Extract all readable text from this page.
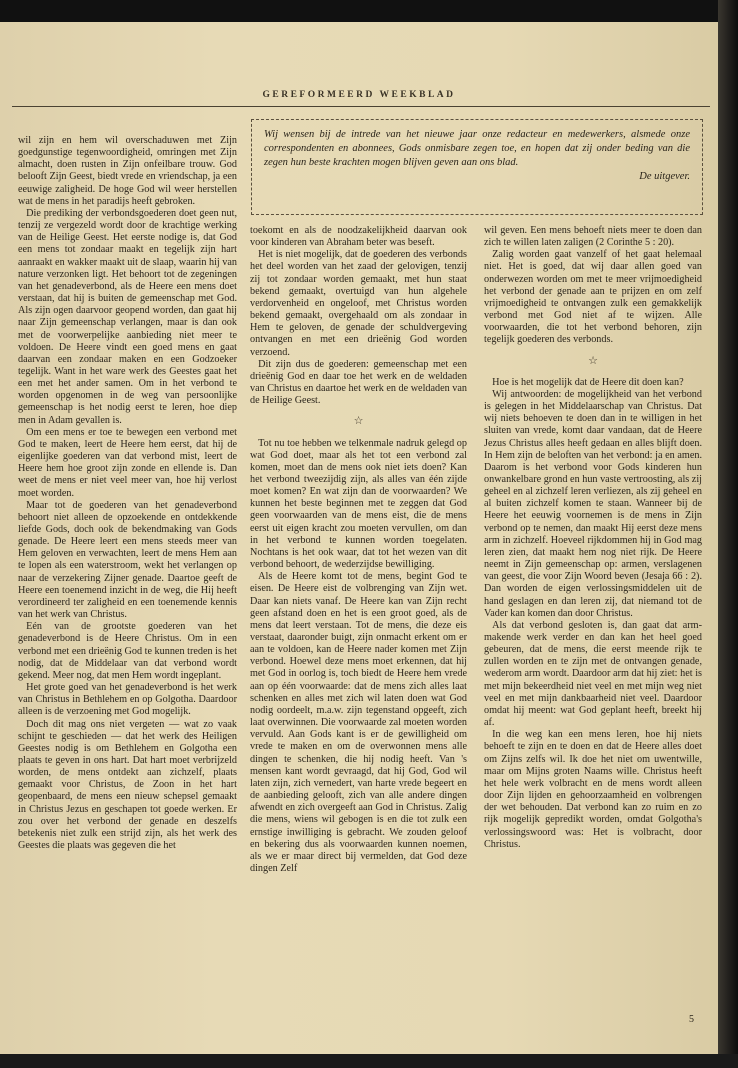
GEREFORMEERD WEEKBLAD
Wij wensen bij de intrede van het nieuwe jaar onze redacteur en medewerkers, alsmede onze correspondenten en abonnees, Gods onmisbare zegen toe, en hopen dat zij onder beding van die zegen hun beste krachten mogen blijven geven aan ons blad.
De uitgever.

wil zijn en hem wil overschaduwen met Zijn goedgunstige tegenwoordigheid, omringen met Zijn almacht, doen rusten in Zijn onfeilbare trouw. God belooft Zijn Geest, biedt vrede en vriendschap, ja een eeuwige zaligheid. De hoge God wil weer herstellen wat de mens in het paradijs heeft gebroken.

Die prediking der verbondsgoederen doet geen nut, tenzij ze vergezeld wordt door de krachtige werking van de Heilige Geest. Het eerste nodige is, dat God een mens tot zondaar maakt en tegelijk zijn hart aanraakt en wakker maakt uit de slaap, waarin hij van nature verzonken ligt. Het behoort tot de zegeningen van het genadeverbond, als de Heere een mens doet verstaan, dat hij is buiten de gemeenschap met God. Als zijn ogen daarvoor geopend worden, dan gaat hij naar Zijn gemeenschap verlangen, maar is dan ook met de voorwerpelijke aanbieding niet meer te voldoen. De Heere vindt een goed mens en gaat daarvan een zondaar maken en een Godzoeker tegelijk. Want in het ware werk des Geestes gaat het een met het ander samen. Om in het verbond te worden opgenomen in de weg van persoonlijke gemeenschap is het nodig eerst te leren, hoe diep men in Adam gevallen is.

Om een mens er toe te bewegen een verbond met God te maken, leert de Heere hem eerst, dat hij de eigenlijke goederen van dat verbond mist, leert de Heere hem hoe groot zijn zonde en ellende is. Dan weet de mens er niet veel meer van, hoe hij verlost moet worden.

Maar tot de goederen van het genadeverbond behoort niet alleen de opzoekende en ontdekkende liefde Gods, doch ook de bekendmaking van Gods genade. De Heere leert een mens steeds meer van Hem geloven en verwachten, leert de mens Hem aan te lopen als een waterstroom, wekt het verlangen op naar de verzekering Zijner genade. Daartoe geeft de Heere een toenemend inzicht in de weg, die Hij heeft verordineerd ter zaligheid en een toenemende kennis van het werk van Christus.

Eén van de grootste goederen van het genadeverbond is de Heere Christus. Om in een verbond met een drieënig God te kunnen treden is het nodig, dat de Middelaar van dat verbond wordt gekend. Meer nog, dat men Hem wordt ingeplant.

Het grote goed van het genadeverbond is het werk van Christus in Bethlehem en op Golgotha. Daardoor alleen is de verzoening met God mogelijk.

Doch dit mag ons niet vergeten — wat zo vaak schijnt te geschieden — dat het werk des Heiligen Geestes nodig is om Bethlehem en Golgotha een plaats te geven in ons hart. Dat hart moet verbrijzeld worden, de mens ontdekt aan zichzelf, plaats gemaakt voor Christus, de Zoon in het hart geopenbaard, de mens een nieuw schepsel gemaakt in Christus Jezus en geschapen tot goede werken. Er zou over het verbond der genade en deszelfs betekenis niet zulk een strijd zijn, als het werk des Geestes die plaats was gegeven die het

toekomt en als de noodzakelijkheid daarvan ook voor kinderen van Abraham beter was beseft.

Het is niet mogelijk, dat de goederen des verbonds het deel worden van het zaad der gelovigen, tenzij zij tot zondaar worden gemaakt, met hun staat bekend gemaakt, overtuigd van hun algehele verdorvenheid en ongeloof, met Christus worden bekend gemaakt, overgehaald om als zondaar in Hem te geloven, de genade der schuldvergeving ontvangen en met een drieënig God worden verzoend.

Dit zijn dus de goederen: gemeenschap met een drieënig God en daar toe het werk en de weldaden van Christus en daartoe het werk en de weldaden van de Heilige Geest.

☆

Tot nu toe hebben we telkenmale nadruk gelegd op wat God doet, maar als het tot een verbond zal komen, moet dan de mens ook niet iets doen? Kan het verbond tweezijdig zijn, als alles van één zijde moet komen? En wat zijn dan de voorwaarden? We kunnen het beste beginnen met te zeggen dat God geen voorwaarden van de mens eist, die de mens eerst uit eigen kracht zou moeten vervullen, om dan in het verbond te kunnen worden toegelaten. Nochtans is het ook waar, dat tot het wezen van dit verbond behoort, de wederzijdse bewilliging.

Als de Heere komt tot de mens, begint God te eisen. De Heere eist de volbrenging van Zijn wet. Daar kan niets vanaf. De Heere kan van Zijn recht geen afstand doen en het is een groot goed, als de mens dat leert verstaan. Tot de mens, die deze eis verstaat, daaronder buigt, zijn onmacht erkent om er aan te voldoen, kan de Heere nader komen met Zijn verbond. Hoewel deze mens moet erkennen, dat hij met God in oorlog is, toch biedt de Heere hem vrede aan op één voorwaarde: dat de mens zich alles laat schenken en alles met zich wil laten doen wat God nodig oordeelt, m.a.w. zijn tegenstand opgeeft, zich laat overwinnen. Die voorwaarde zal moeten worden vervuld. Aan Gods kant is er de gewilligheid om vrede te maken en om de overwonnen mens alle dingen te schenken, die hij nodig heeft. Van 's mensen kant wordt gevraagd, dat hij God, God wil laten zijn, zich vernedert, van harte vrede begeert en de aanbieding gelooft, zich van alle andere dingen afwendt en zich overgeeft aan God in Christus. Zalig die mens, wiens wil gebogen is en die tot zulk een ernstige inwilliging is gebracht. We zouden geloof en bekering dus als voorwaarden kunnen noemen, als we er maar direct bij vermelden, dat God deze dingen Zelf

wil geven. Een mens behoeft niets meer te doen dan zich te willen laten zaligen (2 Corinthe 5 : 20).

Zalig worden gaat vanzelf of het gaat helemaal niet. Het is goed, dat wij daar allen goed van onderwezen worden om met te meer vrijmoedigheid het verbond der genade aan te prijzen en om zelf vrijmoedigheid te ontvangen zulk een gemakkelijk verbond met God niet af te wijzen. Alle voorwaarden, die tot het verbond behoren, zijn tegelijk goederen des verbonds.

☆

Hoe is het mogelijk dat de Heere dit doen kan?

Wij antwoorden: de mogelijkheid van het verbond is gelegen in het Middelaarschap van Christus. Dat wij niets behoeven te doen dan in te willigen in het sluiten van vrede, komt daar vandaan, dat de Heere Jezus Christus alles heeft gedaan en alles blijft doen. In Hem zijn de beloften van het verbond: ja en amen. Daarom is het verbond voor Gods kinderen hun onwankelbare grond en hun vaste vertroosting, als zij geheel en al zichzelf leren verliezen, als zij geheel en al buiten zichzelf komen te staan. Wanneer bij de Heere het eeuwig voornemen is de mens in Zijn verbond op te nemen, dan maakt Hij eerst deze mens arm in zichzelf. Hoeveel rijkdommen hij in God mag leren zien, dat maakt hem nog niet rijk. De Heere neemt in Zijn gemeenschap op: armen, verslagenen van geest, die voor Zijn Woord beven (Jesaja 66 : 2). Dan worden de eigen verlossingsmiddelen uit de hand geslagen en dan leren zij, dat niemand tot de Vader kan komen dan door Christus.

Als dat verbond gesloten is, dan gaat dat arm-makende werk verder en dan kan het heel goed gebeuren, dat de mens, die eerst meende rijk te zullen worden en te zijn met de ontvangen genade, wederom arm wordt. Daardoor arm dat hij ziet: het is met mijn bekeerdheid niet veel en met mijn weg niet veel en met mijn dankbaarheid niet veel. Daardoor omdat hij meent: wat God geplant heeft, breekt hij af.

In die weg kan een mens leren, hoe hij niets behoeft te zijn en te doen en dat de Heere alles doet om Zijns zelfs wil. Ik doe het niet om uwentwille, maar om Mijns groten Naams wille. Christus heeft het hele werk volbracht en de mens wordt alleen door Zijn lijden en gehoorzaamheid en volbrengen der wet behouden. Dat verbond kan zo ruim en zo rijk mogelijk gepredikt worden, omdat Golgotha's verlossingswoord was: Het is volbracht, door Christus.

5
